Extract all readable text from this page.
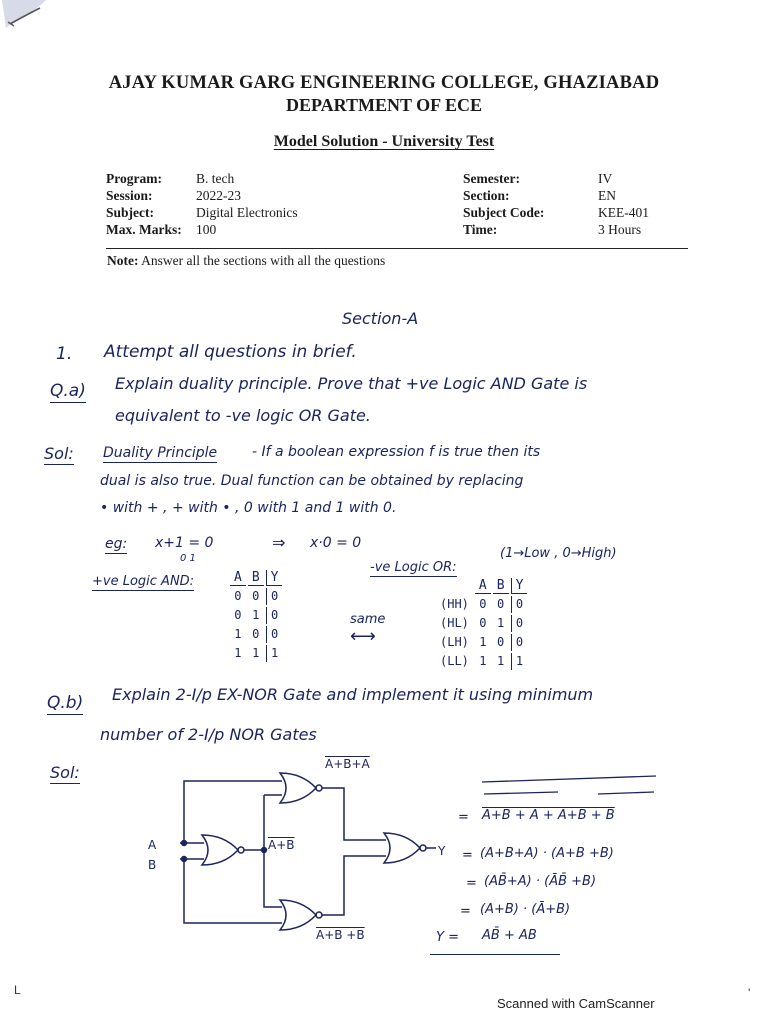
AJAY KUMAR GARG ENGINEERING COLLEGE, GHAZIABAD
DEPARTMENT OF ECE
Model Solution - University Test
Program:	B. tech
Session:	2022-23
Subject:	Digital Electronics
Max. Marks:	100
Semester:	IV
Section:	EN
Subject Code:	KEE-401
Time:	3 Hours
Note: Answer all the sections with all the questions
Section-A
1. Attempt all questions in brief.
Q.a) Explain duality principle. Prove that +ve Logic AND Gate is
equivalent to -ve logic OR Gate.
Sol: Duality Principle - If a boolean expression f is true then its
dual is also true. Dual function can be obtained by replacing
• with + , + with • , 0 with 1 and 1 with 0.
eg: x+1 = 0
0 1
⇒ x·0 = 0
+ve Logic AND:	A	B	Y
0	0	0
0	1	0
1	0	0
1	1	1
-ve Logic OR:
(1→Low , 0→High)
same
⟷
	A	B	Y
(HH)	0	0	0
(HL)	0	1	0
(LH)	1	0	0
(LL)	1	1	1
Q.b) Explain 2-I/p EX-NOR Gate and implement it using minimum
number of 2-I/p NOR Gates
Sol:
A
B
A+B+A
A+B
A+B +B
Y
= A+B + A + A+B + B
= (A+B+A) · (A+B +B)
= (AB̄+A) · (ĀB̄ +B)
= (A+B) · (Ā+B)
Y = AB̄ + AB
L	'
Scanned with CamScanner
